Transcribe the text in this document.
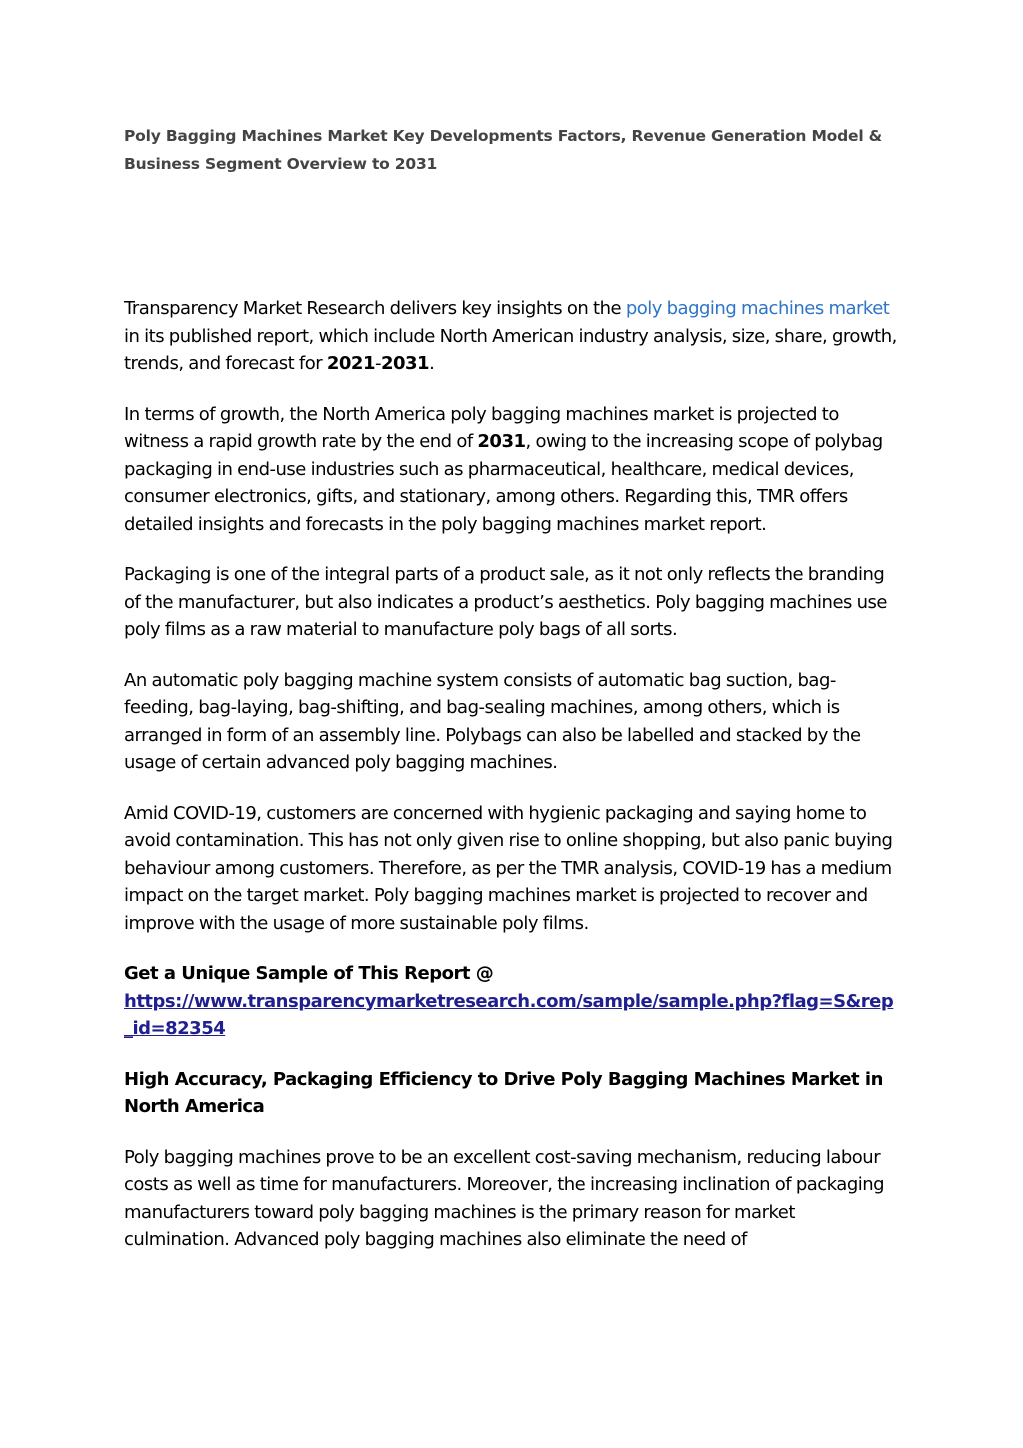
Poly Bagging Machines Market Key Developments Factors, Revenue Generation Model & Business Segment Overview to 2031

Transparency Market Research delivers key insights on the poly bagging machines market in its published report, which include North American industry analysis, size, share, growth, trends, and forecast for 2021-2031.

In terms of growth, the North America poly bagging machines market is projected to witness a rapid growth rate by the end of 2031, owing to the increasing scope of polybag packaging in end-use industries such as pharmaceutical, healthcare, medical devices, consumer electronics, gifts, and stationary, among others. Regarding this, TMR offers detailed insights and forecasts in the poly bagging machines market report.

Packaging is one of the integral parts of a product sale, as it not only reflects the branding of the manufacturer, but also indicates a product’s aesthetics. Poly bagging machines use poly films as a raw material to manufacture poly bags of all sorts.

An automatic poly bagging machine system consists of automatic bag suction, bag-feeding, bag-laying, bag-shifting, and bag-sealing machines, among others, which is arranged in form of an assembly line. Polybags can also be labelled and stacked by the usage of certain advanced poly bagging machines.

Amid COVID-19, customers are concerned with hygienic packaging and saying home to avoid contamination. This has not only given rise to online shopping, but also panic buying behaviour among customers. Therefore, as per the TMR analysis, COVID-19 has a medium impact on the target market. Poly bagging machines market is projected to recover and improve with the usage of more sustainable poly films.

Get a Unique Sample of This Report @
https://www.transparencymarketresearch.com/sample/sample.php?flag=S&rep_id=82354
High Accuracy, Packaging Efficiency to Drive Poly Bagging Machines Market in North America

Poly bagging machines prove to be an excellent cost-saving mechanism, reducing labour costs as well as time for manufacturers. Moreover, the increasing inclination of packaging manufacturers toward poly bagging machines is the primary reason for market culmination. Advanced poly bagging machines also eliminate the need of
